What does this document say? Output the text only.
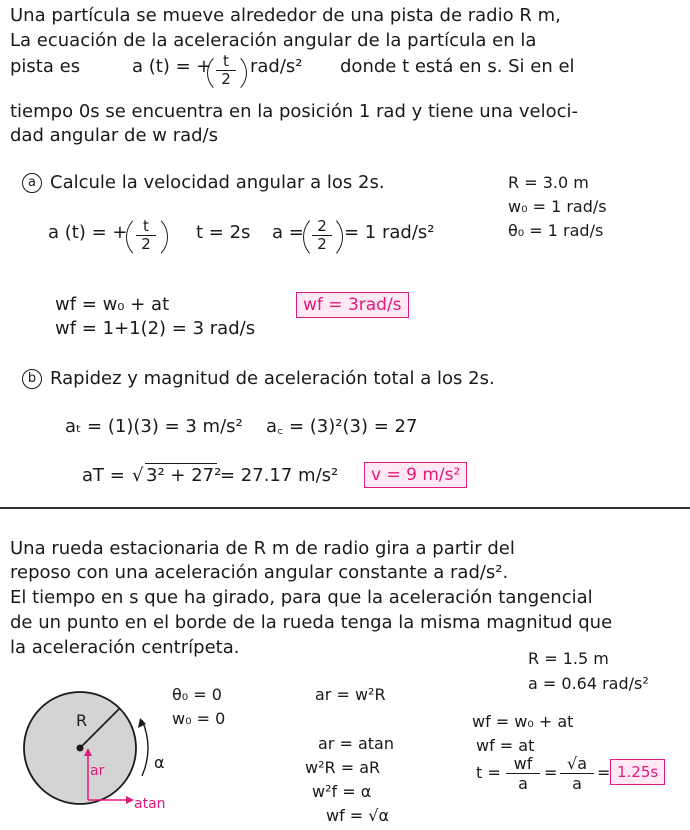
Una partícula se mueve alrededor de una pista de radio R m,
La ecuación de la aceleración angular de la partícula en la
pista es	a (t) = + $\frac{t}{2} rad/s^2$ donde t está en s. Si en el
tiempo 0s se encuentra en la posición 1 rad y tiene una veloci-
dad angular de w rad/s
a Calcule la velocidad angular a los 2s.	R = 3.0 m
w₀ = 1 rad/s
θ₀ = 1 rad/s
a (t) = + $\frac{t}{2}$ t = 2s $a = \frac{2}{2} = 1$ rad/s²
wf = w₀ + at
wf = 1+1(2) = 3 rad/s
wf = 3rad/s
b Rapidez y magnitud de aceleración total a los 2s.
aₜ = (1)(3) = 3 m/s² a꜀ = (3)²(3) = 27
aT = √ 3² + 27²
= 27.17 m/s²	v = 9 m/s²
Una rueda estacionaria de R m de radio gira a partir del
reposo con una aceleración angular constante a rad/s².
El tiempo en s que ha girado, para que la aceleración tangencial
de un punto en el borde de la rueda tenga la misma magnitud que
la aceleración centrípeta.
R = 1.5 m
a = 0.64 rad/s²
R
ar	α
atan
θ₀ = 0
w₀ = 0
ar = w²R
ar = atan
w²R = aR
w²f = α
wf = √α
wf = w₀ + at
wf = at
$t = \frac{wf}{a} = \frac{√a}{a} = 1.25s$
